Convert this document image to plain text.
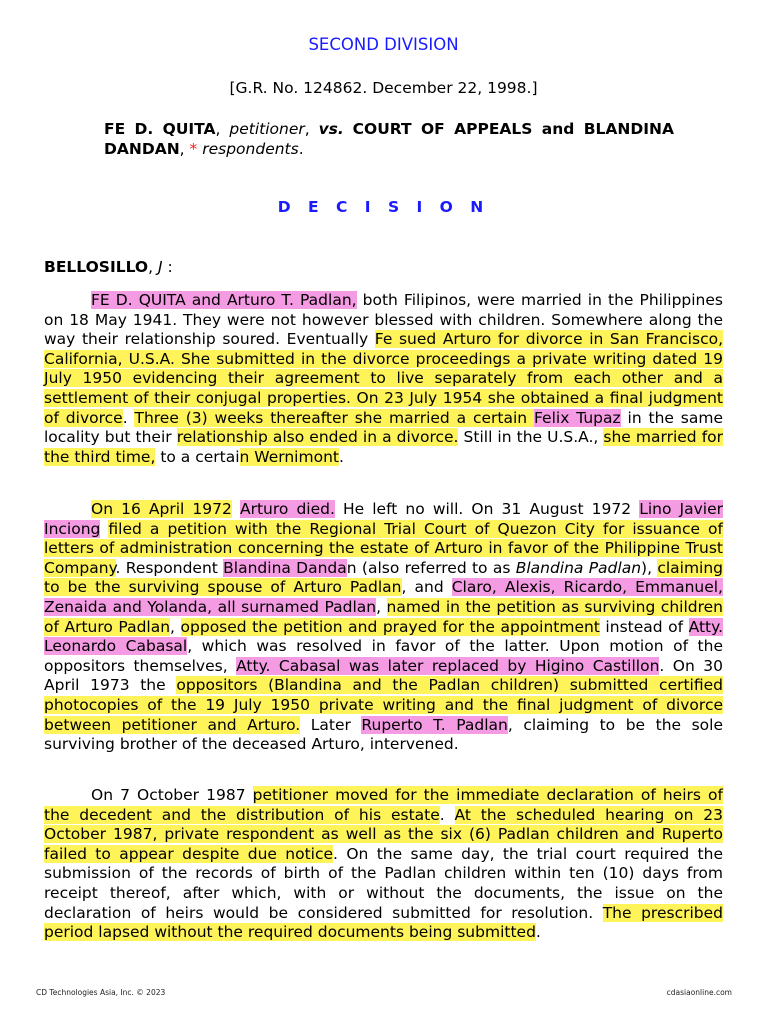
SECOND DIVISION
[G.R. No. 124862. December 22, 1998.]
FE D. QUITA, petitioner, vs. COURT OF APPEALS and BLANDINA DANDAN, * respondents.
D E C I S I O N
BELLOSILLO, J :

FE D. QUITA and Arturo T. Padlan, both Filipinos, were married in the Philippines on 18 May 1941. They were not however blessed with children. Somewhere along the way their relationship soured. Eventually Fe sued Arturo for divorce in San Francisco, California, U.S.A. She submitted in the divorce proceedings a private writing dated 19 July 1950 evidencing their agreement to live separately from each other and a settlement of their conjugal properties. On 23 July 1954 she obtained a final judgment of divorce. Three (3) weeks thereafter she married a certain Felix Tupaz in the same locality but their relationship also ended in a divorce. Still in the U.S.A., she married for the third time, to a certain Wernimont.

On 16 April 1972 Arturo died. He left no will. On 31 August 1972 Lino Javier Inciong filed a petition with the Regional Trial Court of Quezon City for issuance of letters of administration concerning the estate of Arturo in favor of the Philippine Trust Company. Respondent Blandina Dandan (also referred to as Blandina Padlan), claiming to be the surviving spouse of Arturo Padlan, and Claro, Alexis, Ricardo, Emmanuel, Zenaida and Yolanda, all surnamed Padlan, named in the petition as surviving children of Arturo Padlan, opposed the petition and prayed for the appointment instead of Atty. Leonardo Cabasal, which was resolved in favor of the latter. Upon motion of the oppositors themselves, Atty. Cabasal was later replaced by Higino Castillon. On 30 April 1973 the oppositors (Blandina and the Padlan children) submitted certified photocopies of the 19 July 1950 private writing and the final judgment of divorce between petitioner and Arturo. Later Ruperto T. Padlan, claiming to be the sole surviving brother of the deceased Arturo, intervened.

On 7 October 1987 petitioner moved for the immediate declaration of heirs of the decedent and the distribution of his estate. At the scheduled hearing on 23 October 1987, private respondent as well as the six (6) Padlan children and Ruperto failed to appear despite due notice. On the same day, the trial court required the submission of the records of birth of the Padlan children within ten (10) days from receipt thereof, after which, with or without the documents, the issue on the declaration of heirs would be considered submitted for resolution. The prescribed period lapsed without the required documents being submitted.

CD Technologies Asia, Inc. © 2023	cdasiaonline.com
